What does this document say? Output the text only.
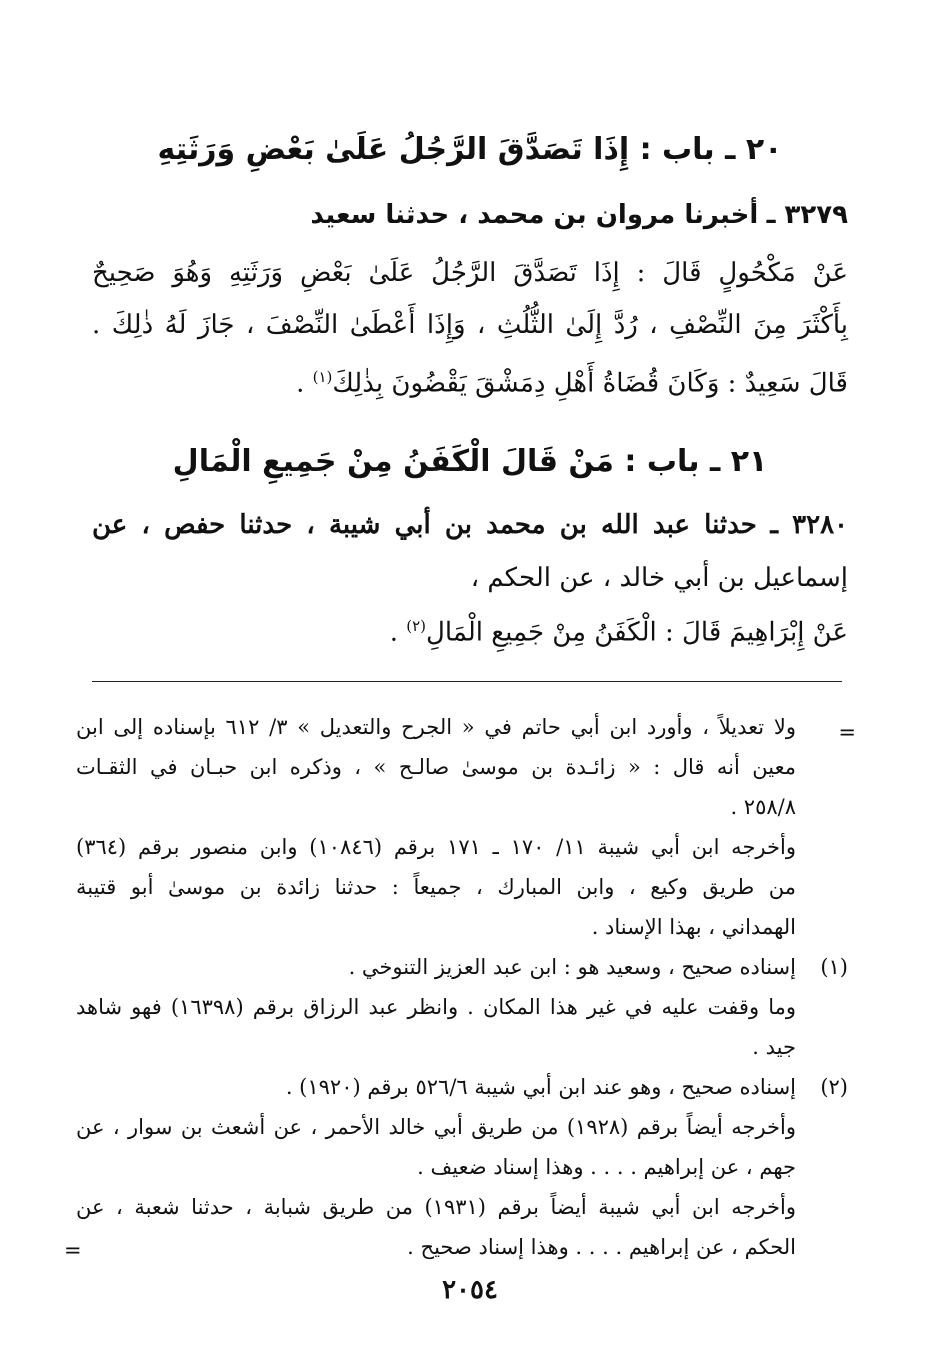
٢٠ ـ باب : إِذَا تَصَدَّقَ الرَّجُلُ عَلَىٰ بَعْضِ وَرَثَتِهِ
٣٢٧٩ ـ أخبرنا مروان بن محمد ، حدثنا سعيد
عَنْ مَكْحُولٍ قَالَ : إِذَا تَصَدَّقَ الرَّجُلُ عَلَىٰ بَعْضِ وَرَثَتِهِ وَهُوَ صَحِيحٌ
بِأَكْثَرَ مِنَ النِّصْفِ ، رُدَّ إِلَىٰ الثُّلُثِ ، وَإِذَا أَعْطَىٰ النِّصْفَ ، جَازَ لَهُ ذٰلِكَ .
قَالَ سَعِيدٌ : وَكَانَ قُضَاةُ أَهْلِ دِمَشْقَ يَقْضُونَ بِذٰلِكَ$^{(١)}$ .
٢١ ـ باب : مَنْ قَالَ الْكَفَنُ مِنْ جَمِيعِ الْمَالِ
٣٢٨٠ ـ حدثنا عبد الله بن محمد بن أبي شيبة ، حدثنا حفص ، عن
إسماعيل بن أبي خالد ، عن الحكم ،
عَنْ إِبْرَاهِيمَ قَالَ : الْكَفَنُ مِنْ جَمِيعِ الْمَالِ$^{(٢)}$ .
=
ولا تعديلاً ، وأورد ابن أبي حاتم في « الجرح والتعديل » ٣/ ٦١٢ بإسناده إلى ابن
معين أنه قال : « زائـدة بن موسىٰ صالـح » ، وذكره ابن حبـان في الثقـات
٢٥٨/٨ .
وأخرجه ابن أبي شيبة ١١/ ١٧٠ ـ ١٧١ برقم (١٠٨٤٦) وابن منصور برقم (٣٦٤)
من طريق وكيع ، وابن المبارك ، جميعاً : حدثنا زائدة بن موسىٰ أبو قتيبة
الهمداني ، بهذا الإسناد .
(١)
إسناده صحيح ، وسعيد هو : ابن عبد العزيز التنوخي .
وما وقفت عليه في غير هذا المكان . وانظر عبد الرزاق برقم (١٦٣٩٨) فهو شاهد
جيد .
(٢)
إسناده صحيح ، وهو عند ابن أبي شيبة ٥٢٦/٦ برقم (١٩٢٠) .
وأخرجه أيضاً برقم (١٩٢٨) من طريق أبي خالد الأحمر ، عن أشعث بن سوار ، عن
جهم ، عن إبراهيم . . . . وهذا إسناد ضعيف .
وأخرجه ابن أبي شيبة أيضاً برقم (١٩٣١) من طريق شبابة ، حدثنا شعبة ، عن
الحكم ، عن إبراهيم . . . . وهذا إسناد صحيح .
=
٢٠٥٤
